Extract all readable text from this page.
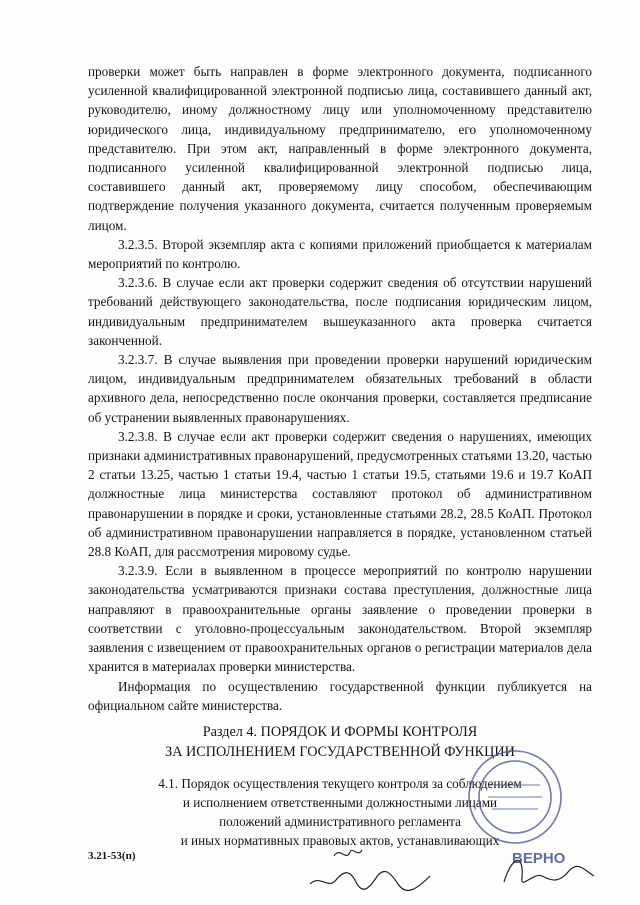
проверки может быть направлен в форме электронного документа, подписанного усиленной квалифицированной электронной подписью лица, составившего данный акт, руководителю, иному должностному лицу или уполномоченному представителю юридического лица, индивидуальному предпринимателю, его уполномоченному представителю. При этом акт, направленный в форме электронного документа, подписанного усиленной квалифицированной электронной подписью лица, составившего данный акт, проверяемому лицу способом, обеспечивающим подтверждение получения указанного документа, считается полученным проверяемым лицом.

3.2.3.5. Второй экземпляр акта с копиями приложений приобщается к материалам мероприятий по контролю.

3.2.3.6. В случае если акт проверки содержит сведения об отсутствии нарушений требований действующего законодательства, после подписания юридическим лицом, индивидуальным предпринимателем вышеуказанного акта проверка считается законченной.

3.2.3.7. В случае выявления при проведении проверки нарушений юридическим лицом, индивидуальным предпринимателем обязательных требований в области архивного дела, непосредственно после окончания проверки, составляется предписание об устранении выявленных правонарушениях.

3.2.3.8. В случае если акт проверки содержит сведения о нарушениях, имеющих признаки административных правонарушений, предусмотренных статьями 13.20, частью 2 статьи 13.25, частью 1 статьи 19.4, частью 1 статьи 19.5, статьями 19.6 и 19.7 КоАП должностные лица министерства составляют протокол об административном правонарушении в порядке и сроки, установленные статьями 28.2, 28.5 КоАП. Протокол об административном правонарушении направляется в порядке, установленном статьей 28.8 КоАП, для рассмотрения мировому судье.

3.2.3.9. Если в выявленном в процессе мероприятий по контролю нарушении законодательства усматриваются признаки состава преступления, должностные лица направляют в правоохранительные органы заявление о проведении проверки в соответствии с уголовно-процессуальным законодательством. Второй экземпляр заявления с извещением от правоохранительных органов о регистрации материалов дела хранится в материалах проверки министерства.

Информация по осуществлению государственной функции публикуется на официальном сайте министерства.

Раздел 4. ПОРЯДОК И ФОРМЫ КОНТРОЛЯ
ЗА ИСПОЛНЕНИЕМ ГОСУДАРСТВЕННОЙ ФУНКЦИИ
4.1. Порядок осуществления текущего контроля за соблюдением
и исполнением ответственными должностными лицами
положений административного регламента
и иных нормативных правовых актов, устанавливающих
3.21-53(п)	ВЕРНО
